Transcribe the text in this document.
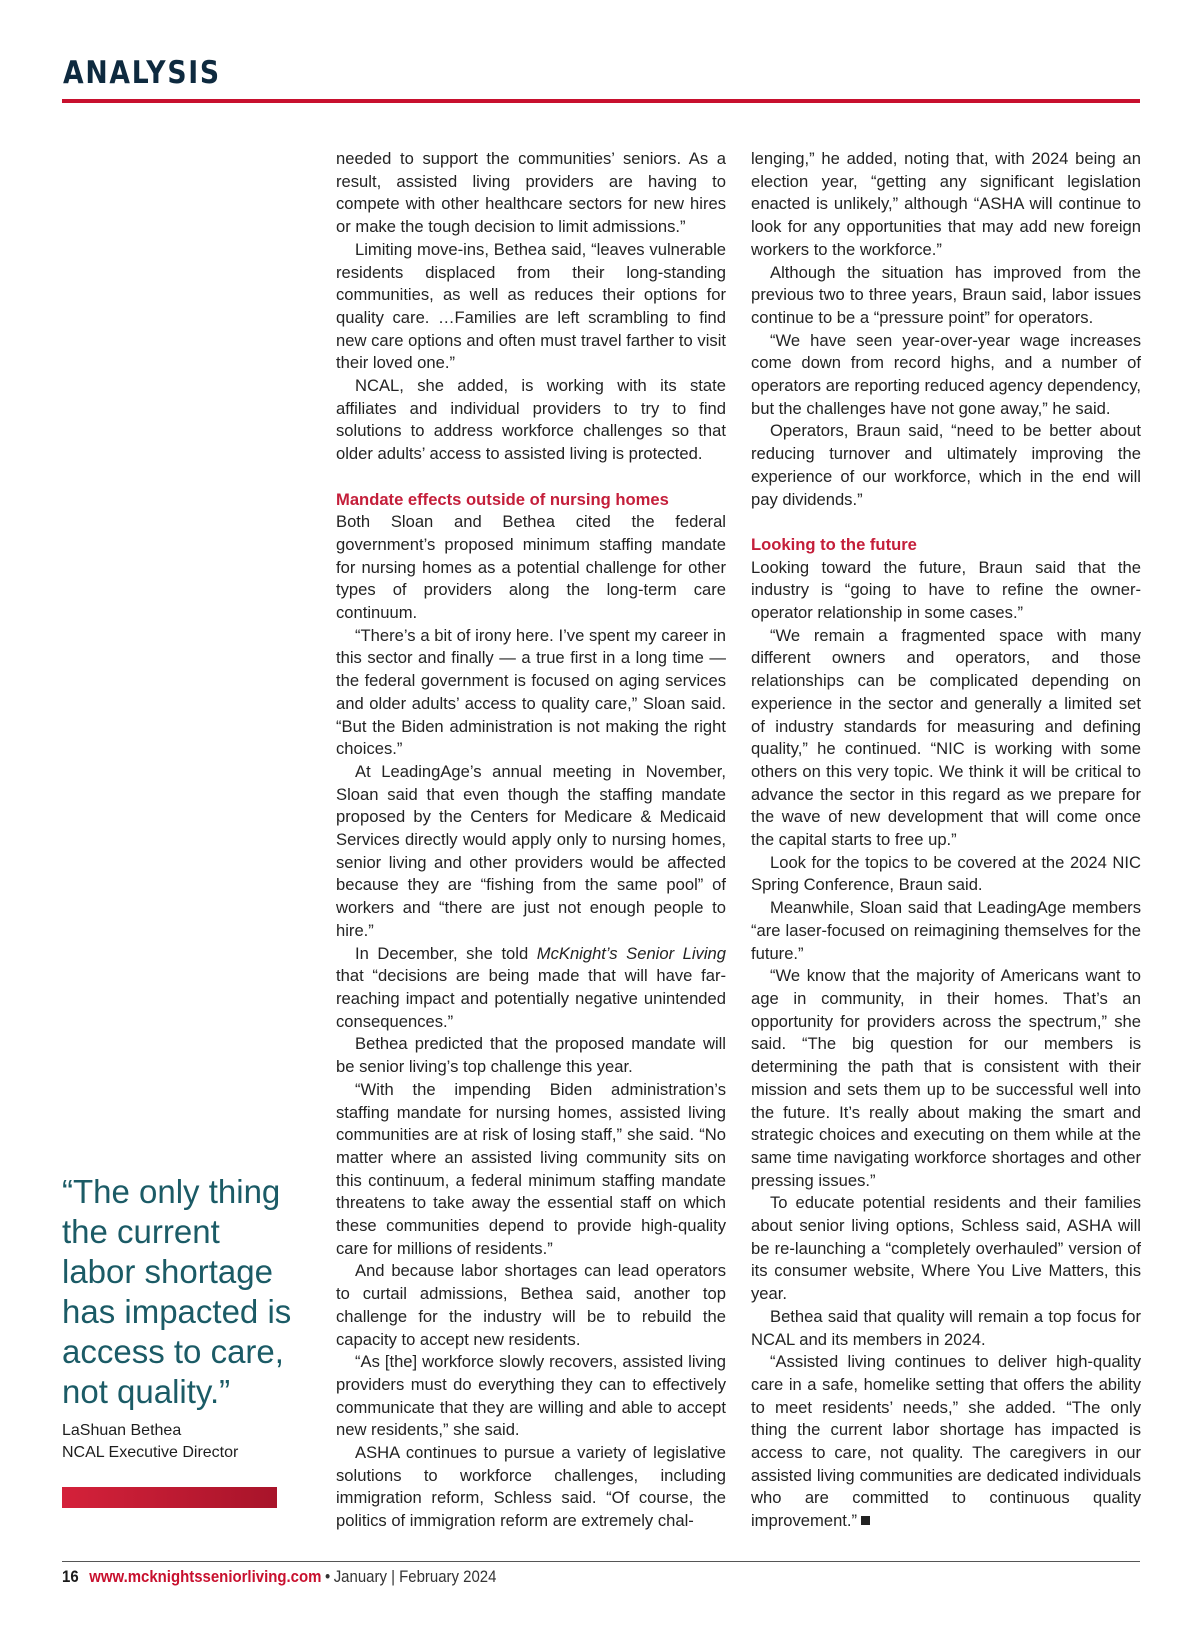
ANALYSIS

needed to support the communities’ seniors. As a result, assisted living providers are having to compete with other healthcare sectors for new hires or make the tough decision to limit admissions.”

Limiting move-ins, Bethea said, “leaves vulnerable residents displaced from their long-standing communities, as well as reduces their options for quality care. …Families are left scrambling to find new care options and often must travel farther to visit their loved one.”

NCAL, she added, is working with its state affiliates and individual providers to try to find solutions to address workforce challenges so that older adults’ access to assisted living is protected.

Mandate effects outside of nursing homes

Both Sloan and Bethea cited the federal government’s proposed minimum staffing mandate for nursing homes as a potential challenge for other types of providers along the long-term care continuum.

“There’s a bit of irony here. I’ve spent my career in this sector and finally — a true first in a long time — the federal government is focused on aging services and older adults’ access to quality care,” Sloan said. “But the Biden administration is not making the right choices.”

At LeadingAge’s annual meeting in November, Sloan said that even though the staffing mandate proposed by the Centers for Medicare & Medicaid Services directly would apply only to nursing homes, senior living and other providers would be affected because they are “fishing from the same pool” of workers and “there are just not enough people to hire.”

In December, she told McKnight’s Senior Living that “decisions are being made that will have far-reaching impact and potentially negative unintended consequences.”

Bethea predicted that the proposed mandate will be senior living’s top challenge this year.

“With the impending Biden administration’s staffing mandate for nursing homes, assisted living communities are at risk of losing staff,” she said. “No matter where an assisted living community sits on this continuum, a federal minimum staffing mandate threatens to take away the essential staff on which these communities depend to provide high-quality care for millions of residents.”

And because labor shortages can lead operators to curtail admissions, Bethea said, another top challenge for the industry will be to rebuild the capacity to accept new residents.

“As [the] workforce slowly recovers, assisted living providers must do everything they can to effectively communicate that they are willing and able to accept new residents,” she said.

ASHA continues to pursue a variety of legislative solutions to workforce challenges, including immigration reform, Schless said. “Of course, the politics of immigration reform are extremely chal-

lenging,” he added, noting that, with 2024 being an election year, “getting any significant legislation enacted is unlikely,” although “ASHA will continue to look for any opportunities that may add new foreign workers to the workforce.”

Although the situation has improved from the previous two to three years, Braun said, labor issues continue to be a “pressure point” for operators.

“We have seen year-over-year wage increases come down from record highs, and a number of operators are reporting reduced agency dependency, but the challenges have not gone away,” he said.

Operators, Braun said, “need to be better about reducing turnover and ultimately improving the experience of our workforce, which in the end will pay dividends.”

Looking to the future

Looking toward the future, Braun said that the industry is “going to have to refine the owner-operator relationship in some cases.”

“We remain a fragmented space with many different owners and operators, and those relationships can be complicated depending on experience in the sector and generally a limited set of industry standards for measuring and defining quality,” he continued. “NIC is working with some others on this very topic. We think it will be critical to advance the sector in this regard as we prepare for the wave of new development that will come once the capital starts to free up.”

Look for the topics to be covered at the 2024 NIC Spring Conference, Braun said.

Meanwhile, Sloan said that LeadingAge members “are laser-focused on reimagining themselves for the future.”

“We know that the majority of Americans want to age in community, in their homes. That’s an opportunity for providers across the spectrum,” she said. “The big question for our members is determining the path that is consistent with their mission and sets them up to be successful well into the future. It’s really about making the smart and strategic choices and executing on them while at the same time navigating workforce shortages and other pressing issues.”

To educate potential residents and their families about senior living options, Schless said, ASHA will be re-launching a “completely overhauled” version of its consumer website, Where You Live Matters, this year.

Bethea said that quality will remain a top focus for NCAL and its members in 2024.

“Assisted living continues to deliver high-quality care in a safe, homelike setting that offers the ability to meet residents’ needs,” she added. “The only thing the current labor shortage has impacted is access to care, not quality. The caregivers in our assisted living communities are dedicated individuals who are committed to continuous quality improvement.”

“The only thing the current labor shortage has impacted is access to care, not quality.”
LaShuan Bethea
NCAL Executive Director
16 www.mcknightsseniorliving.com • January | February 2024
